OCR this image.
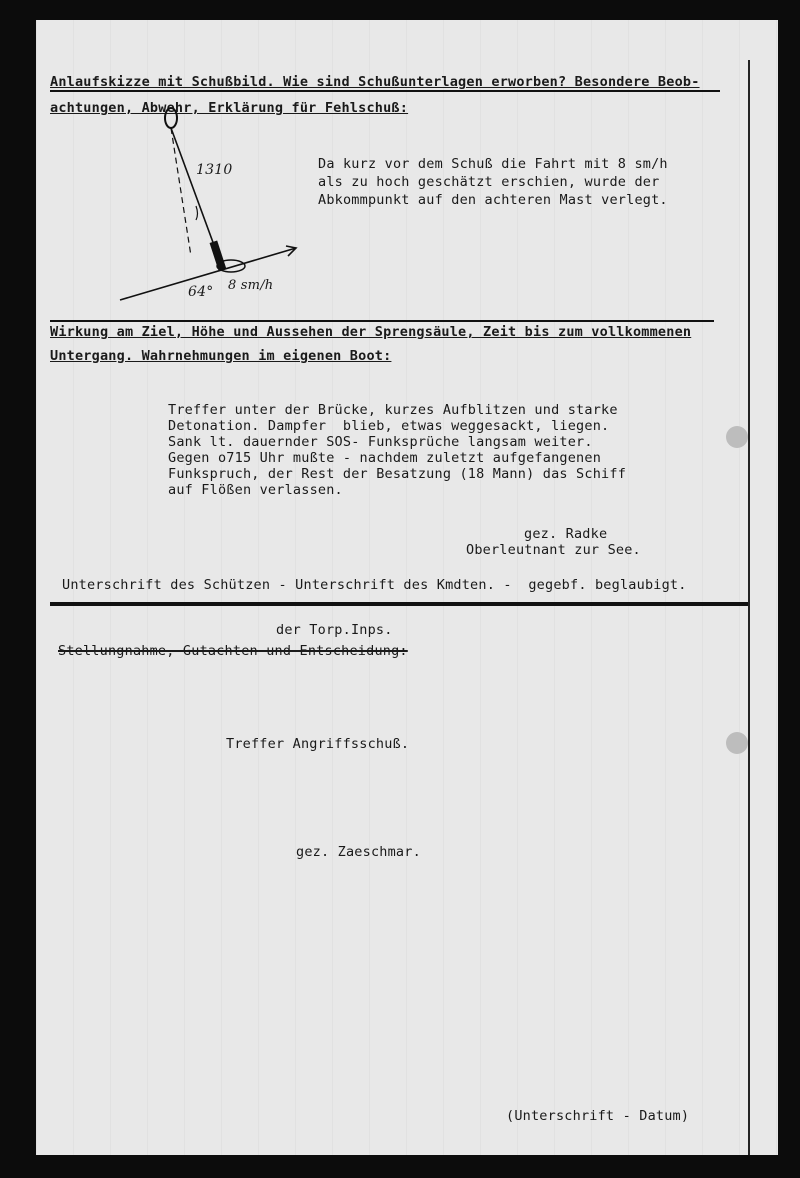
Anlaufskizze mit Schußbild. Wie sind Schußunterlagen erworben? Besondere Beob-
achtungen, Abwehr, Erklärung für Fehlschuß:
1310
64° 8 sm/h
Da kurz vor dem Schuß die Fahrt mit 8 sm/h
als zu hoch geschätzt erschien, wurde der
Abkommpunkt auf den achteren Mast verlegt.
Wirkung am Ziel, Höhe und Aussehen der Sprengsäule, Zeit bis zum vollkommenen
Untergang. Wahrnehmungen im eigenen Boot:
Treffer unter der Brücke, kurzes Aufblitzen und starke
Detonation. Dampfer  blieb, etwas weggesackt, liegen.
Sank lt. dauernder SOS- Funksprüche langsam weiter.
Gegen o715 Uhr mußte - nachdem zuletzt aufgefangenen
Funkspruch, der Rest der Besatzung (18 Mann) das Schiff
auf Flößen verlassen.
gez. Radke
Oberleutnant zur See.
Unterschrift des Schützen - Unterschrift des Kmdten. -  gegebf. beglaubigt.
der Torp.Inps.
Stellungnahme, Gutachten und Entscheidung:
Treffer Angriffsschuß.
gez. Zaeschmar.
(Unterschrift - Datum)
